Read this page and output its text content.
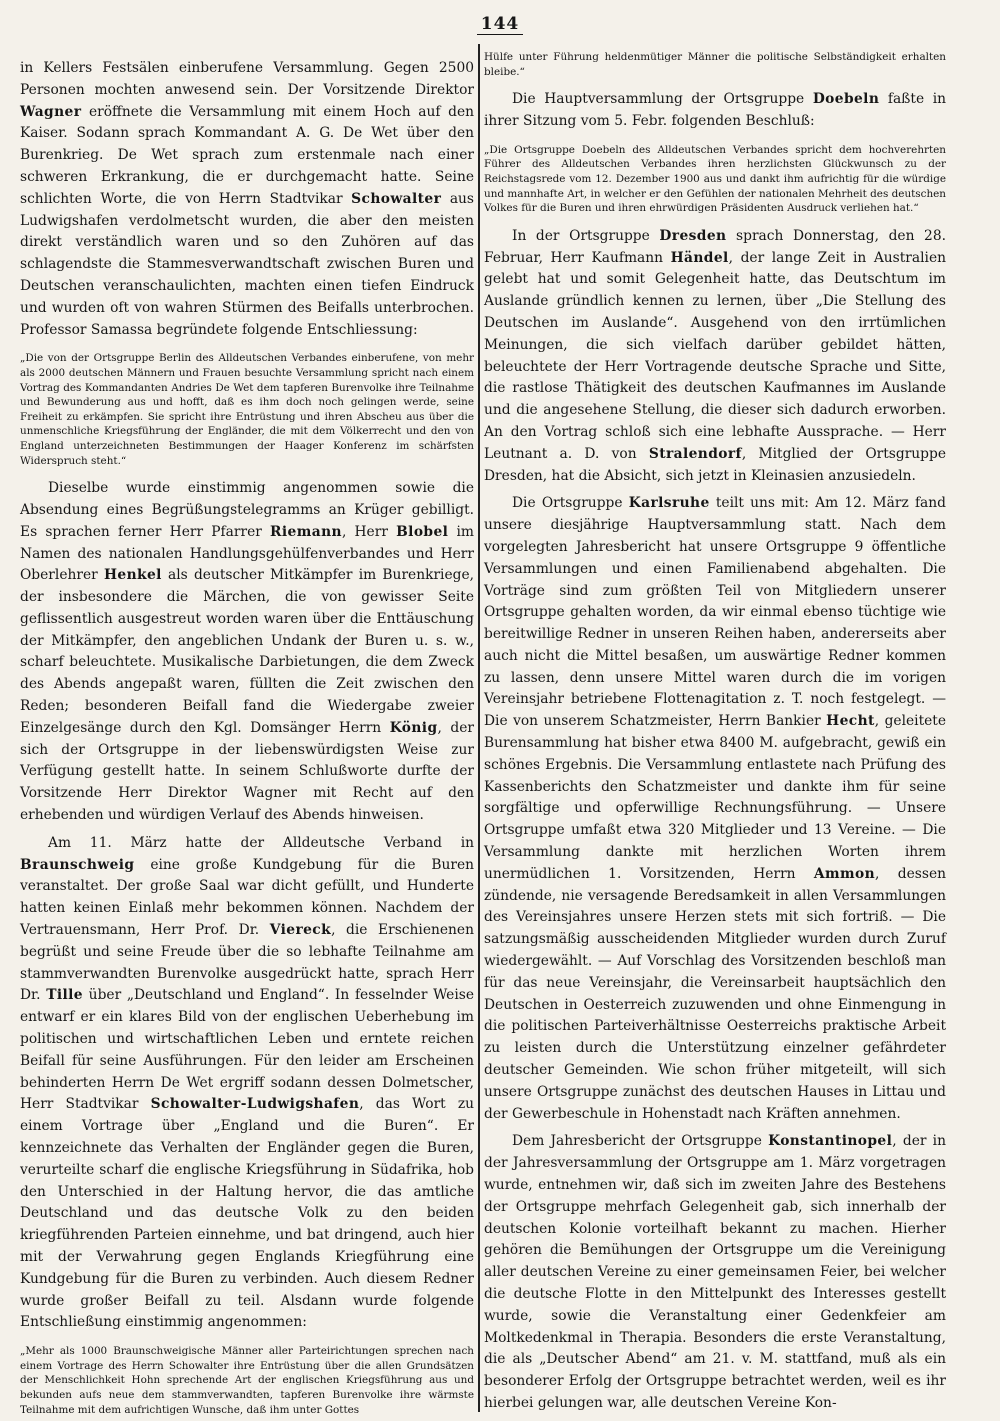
144

in Kellers Festsälen einberufene Versammlung. Gegen 2500 Personen mochten anwesend sein. Der Vorsitzende Direktor Wagner eröffnete die Versammlung mit einem Hoch auf den Kaiser. Sodann sprach Kommandant A. G. De Wet über den Burenkrieg. De Wet sprach zum erstenmale nach einer schweren Erkrankung, die er durchgemacht hatte. Seine schlichten Worte, die von Herrn Stadtvikar Schowalter aus Ludwigshafen verdolmetscht wurden, die aber den meisten direkt verständlich waren und so den Zuhören auf das schlagendste die Stammesverwandtschaft zwischen Buren und Deutschen veranschaulichten, machten einen tiefen Eindruck und wurden oft von wahren Stürmen des Beifalls unterbrochen. Professor Samassa begründete folgende Entschliessung:

„Die von der Ortsgruppe Berlin des Alldeutschen Verbandes einberufene, von mehr als 2000 deutschen Männern und Frauen besuchte Versammlung spricht nach einem Vortrag des Kommandanten Andries De Wet dem tapferen Burenvolke ihre Teilnahme und Bewunderung aus und hofft, daß es ihm doch noch gelingen werde, seine Freiheit zu erkämpfen. Sie spricht ihre Entrüstung und ihren Abscheu aus über die unmenschliche Kriegsführung der Engländer, die mit dem Völkerrecht und den von England unterzeichneten Bestimmungen der Haager Konferenz im schärfsten Widerspruch steht.“

Dieselbe wurde einstimmig angenommen sowie die Absendung eines Begrüßungstelegramms an Krüger gebilligt. Es sprachen ferner Herr Pfarrer Riemann, Herr Blobel im Namen des nationalen Handlungsgehülfenverbandes und Herr Oberlehrer Henkel als deutscher Mitkämpfer im Burenkriege, der insbesondere die Märchen, die von gewisser Seite geflissentlich ausgestreut worden waren über die Enttäuschung der Mitkämpfer, den angeblichen Undank der Buren u. s. w., scharf beleuchtete. Musikalische Darbietungen, die dem Zweck des Abends angepaßt waren, füllten die Zeit zwischen den Reden; besonderen Beifall fand die Wiedergabe zweier Einzelgesänge durch den Kgl. Domsänger Herrn König, der sich der Ortsgruppe in der liebenswürdigsten Weise zur Verfügung gestellt hatte. In seinem Schlußworte durfte der Vorsitzende Herr Direktor Wagner mit Recht auf den erhebenden und würdigen Verlauf des Abends hinweisen.

Am 11. März hatte der Alldeutsche Verband in Braunschweig eine große Kundgebung für die Buren veranstaltet. Der große Saal war dicht gefüllt, und Hunderte hatten keinen Einlaß mehr bekommen können. Nachdem der Vertrauensmann, Herr Prof. Dr. Viereck, die Erschienenen begrüßt und seine Freude über die so lebhafte Teilnahme am stammverwandten Burenvolke ausgedrückt hatte, sprach Herr Dr. Tille über „Deutschland und England“. In fesselnder Weise entwarf er ein klares Bild von der englischen Ueberhebung im politischen und wirtschaftlichen Leben und erntete reichen Beifall für seine Ausführungen. Für den leider am Erscheinen behinderten Herrn De Wet ergriff sodann dessen Dolmetscher, Herr Stadtvikar Schowalter-Ludwigshafen, das Wort zu einem Vortrage über „England und die Buren“. Er kennzeichnete das Verhalten der Engländer gegen die Buren, verurteilte scharf die englische Kriegsführung in Südafrika, hob den Unterschied in der Haltung hervor, die das amtliche Deutschland und das deutsche Volk zu den beiden kriegführenden Parteien einnehme, und bat dringend, auch hier mit der Verwahrung gegen Englands Kriegführung eine Kundgebung für die Buren zu verbinden. Auch diesem Redner wurde großer Beifall zu teil. Alsdann wurde folgende Entschließung einstimmig angenommen:

„Mehr als 1000 Braunschweigische Männer aller Parteirichtungen sprechen nach einem Vortrage des Herrn Schowalter ihre Entrüstung über die allen Grundsätzen der Menschlichkeit Hohn sprechende Art der englischen Kriegsführung aus und bekunden aufs neue dem stammverwandten, tapferen Burenvolke ihre wärmste Teilnahme mit dem aufrichtigen Wunsche, daß ihm unter Gottes

Hülfe unter Führung heldenmütiger Männer die politische Selbständigkeit erhalten bleibe.“

Die Hauptversammlung der Ortsgruppe Doebeln faßte in ihrer Sitzung vom 5. Febr. folgenden Beschluß:

„Die Ortsgruppe Doebeln des Alldeutschen Verbandes spricht dem hochverehrten Führer des Alldeutschen Verbandes ihren herzlichsten Glückwunsch zu der Reichstagsrede vom 12. Dezember 1900 aus und dankt ihm aufrichtig für die würdige und mannhafte Art, in welcher er den Gefühlen der nationalen Mehrheit des deutschen Volkes für die Buren und ihren ehrwürdigen Präsidenten Ausdruck verliehen hat.“

In der Ortsgruppe Dresden sprach Donnerstag, den 28. Februar, Herr Kaufmann Händel, der lange Zeit in Australien gelebt hat und somit Gelegenheit hatte, das Deutschtum im Auslande gründlich kennen zu lernen, über „Die Stellung des Deutschen im Auslande“. Ausgehend von den irrtümlichen Meinungen, die sich vielfach darüber gebildet hätten, beleuchtete der Herr Vortragende deutsche Sprache und Sitte, die rastlose Thätigkeit des deutschen Kaufmannes im Auslande und die angesehene Stellung, die dieser sich dadurch erworben. An den Vortrag schloß sich eine lebhafte Aussprache. — Herr Leutnant a. D. von Stralendorf, Mitglied der Ortsgruppe Dresden, hat die Absicht, sich jetzt in Kleinasien anzusiedeln.

Die Ortsgruppe Karlsruhe teilt uns mit: Am 12. März fand unsere diesjährige Hauptversammlung statt. Nach dem vorgelegten Jahresbericht hat unsere Ortsgruppe 9 öffentliche Versammlungen und einen Familienabend abgehalten. Die Vorträge sind zum größten Teil von Mitgliedern unserer Ortsgruppe gehalten worden, da wir einmal ebenso tüchtige wie bereitwillige Redner in unseren Reihen haben, andererseits aber auch nicht die Mittel besaßen, um auswärtige Redner kommen zu lassen, denn unsere Mittel waren durch die im vorigen Vereinsjahr betriebene Flottenagitation z. T. noch festgelegt. — Die von unserem Schatzmeister, Herrn Bankier Hecht, geleitete Burensammlung hat bisher etwa 8400 M. aufgebracht, gewiß ein schönes Ergebnis. Die Versammlung entlastete nach Prüfung des Kassenberichts den Schatzmeister und dankte ihm für seine sorgfältige und opferwillige Rechnungsführung. — Unsere Ortsgruppe umfaßt etwa 320 Mitglieder und 13 Vereine. — Die Versammlung dankte mit herzlichen Worten ihrem unermüdlichen 1. Vorsitzenden, Herrn Ammon, dessen zündende, nie versagende Beredsamkeit in allen Versammlungen des Vereinsjahres unsere Herzen stets mit sich fortriß. — Die satzungsmäßig ausscheidenden Mitglieder wurden durch Zuruf wiedergewählt. — Auf Vorschlag des Vorsitzenden beschloß man für das neue Vereinsjahr, die Vereinsarbeit hauptsächlich den Deutschen in Oesterreich zuzuwenden und ohne Einmengung in die politischen Parteiverhältnisse Oesterreichs praktische Arbeit zu leisten durch die Unterstützung einzelner gefährdeter deutscher Gemeinden. Wie schon früher mitgeteilt, will sich unsere Ortsgruppe zunächst des deutschen Hauses in Littau und der Gewerbeschule in Hohenstadt nach Kräften annehmen.

Dem Jahresbericht der Ortsgruppe Konstantinopel, der in der Jahresversammlung der Ortsgruppe am 1. März vorgetragen wurde, entnehmen wir, daß sich im zweiten Jahre des Bestehens der Ortsgruppe mehrfach Gelegenheit gab, sich innerhalb der deutschen Kolonie vorteilhaft bekannt zu machen. Hierher gehören die Bemühungen der Ortsgruppe um die Vereinigung aller deutschen Vereine zu einer gemeinsamen Feier, bei welcher die deutsche Flotte in den Mittelpunkt des Interesses gestellt wurde, sowie die Veranstaltung einer Gedenkfeier am Moltkedenkmal in Therapia. Besonders die erste Veranstaltung, die als „Deutscher Abend“ am 21. v. M. stattfand, muß als ein besonderer Erfolg der Ortsgruppe betrachtet werden, weil es ihr hierbei gelungen war, alle deutschen Vereine Kon-
